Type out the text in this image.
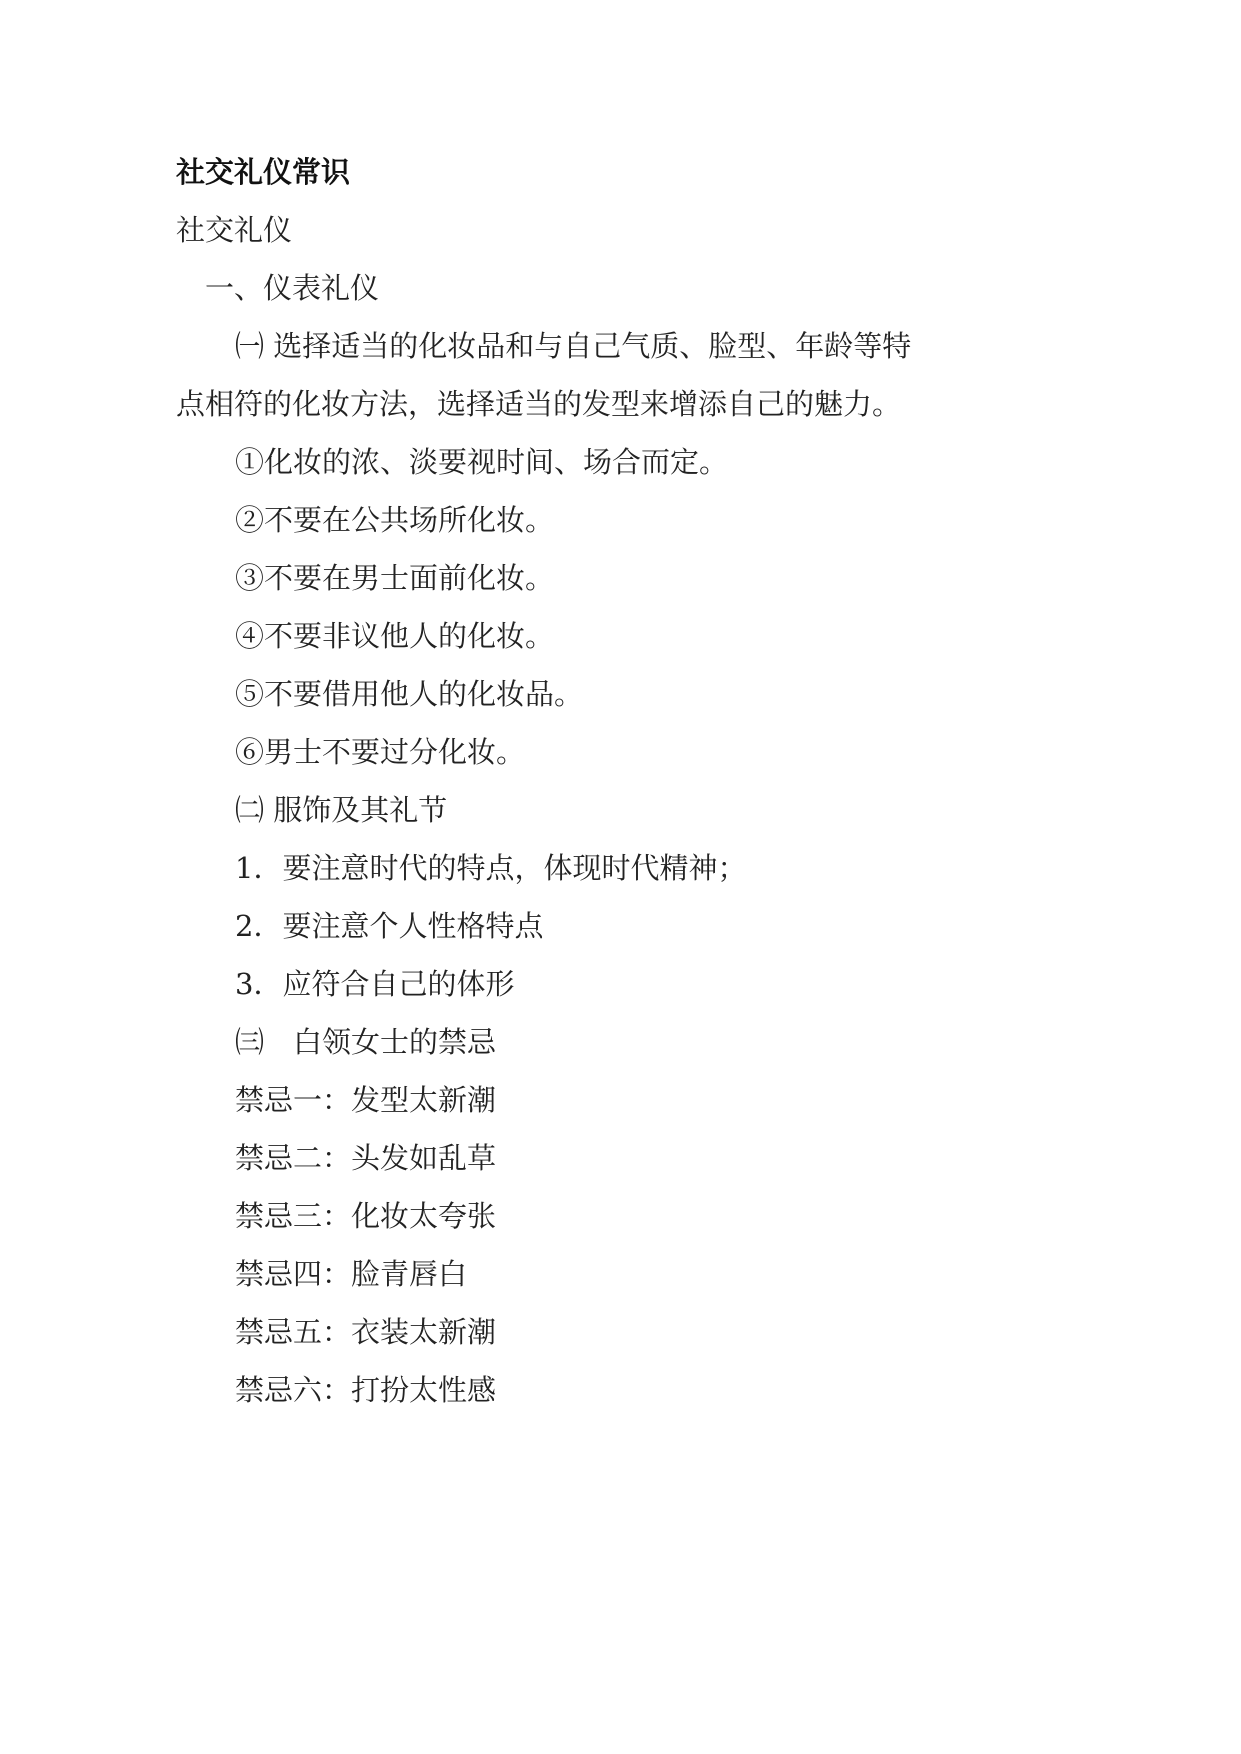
社交礼仪常识
社交礼仪
一、仪表礼仪

㈠ 选择适当的化妆品和与自己气质、脸型、年龄等特点相符的化妆方法，选择适当的发型来增添自己的魅力。

①化妆的浓、淡要视时间、场合而定。
②不要在公共场所化妆。
③不要在男士面前化妆。
④不要非议他人的化妆。
⑤不要借用他人的化妆品。
⑥男士不要过分化妆。
㈡ 服饰及其礼节
1．要注意时代的特点，体现时代精神；
2．要注意个人性格特点
3．应符合自己的体形
㈢　白领女士的禁忌
禁忌一：发型太新潮
禁忌二：头发如乱草
禁忌三：化妆太夸张
禁忌四：脸青唇白
禁忌五：衣装太新潮
禁忌六：打扮太性感
